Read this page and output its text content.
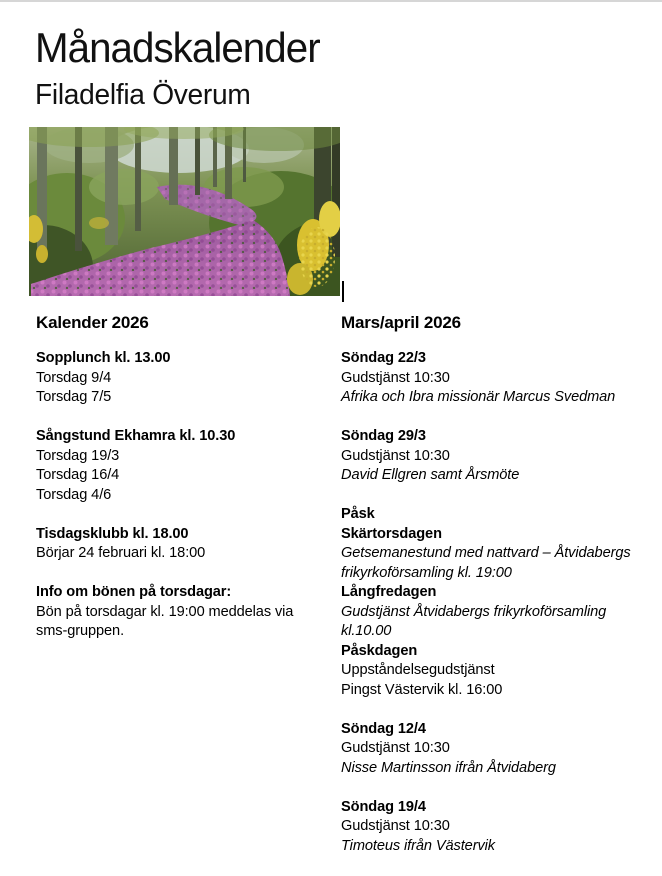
Månadskalender
Filadelfia Överum
Kalender 2026
Sopplunch kl. 13.00
Torsdag 9/4
Torsdag 7/5
Sångstund Ekhamra kl. 10.30
Torsdag 19/3
Torsdag 16/4
Torsdag 4/6
Tisdagsklubb kl. 18.00
Börjar 24 februari kl. 18:00
Info om bönen på torsdagar:
Bön på torsdagar kl. 19:00 meddelas via
sms-gruppen.
Mars/april 2026
Söndag 22/3
Gudstjänst 10:30
Afrika och Ibra missionär Marcus Svedman
Söndag 29/3
Gudstjänst 10:30
David Ellgren samt Årsmöte
Påsk
Skärtorsdagen
Getsemanestund med nattvard – Åtvidabergs
frikyrkoförsamling kl. 19:00
Långfredagen
Gudstjänst Åtvidabergs frikyrkoförsamling
kl.10.00
Påskdagen
Uppståndelsegudstjänst
Pingst Västervik kl. 16:00
Söndag 12/4
Gudstjänst 10:30
Nisse Martinsson ifrån Åtvidaberg
Söndag 19/4
Gudstjänst 10:30
Timoteus ifrån Västervik
